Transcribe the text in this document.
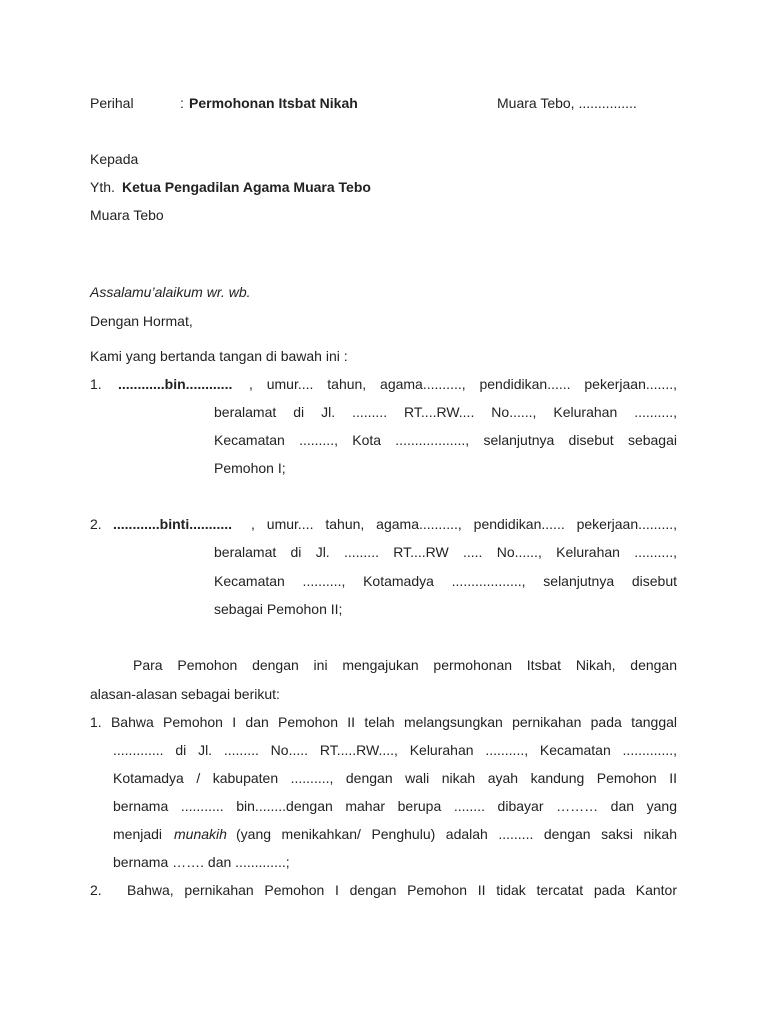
Perihal	: Permohonan Itsbat Nikah	Muara Tebo, ...............
Kepada
Yth. Ketua Pengadilan Agama Muara Tebo
Muara Tebo
Assalamu’alaikum wr. wb.
Dengan Hormat,
Kami yang bertanda tangan di bawah ini :
1. ............bin............ , umur.... tahun, agama.........., pendidikan...... pekerjaan.......,
beralamat di Jl. ......... RT....RW.... No......, Kelurahan ..........,
Kecamatan ........., Kota .................., selanjutnya disebut sebagai
Pemohon I;
2. ............binti........... , umur.... tahun, agama.........., pendidikan...... pekerjaan.........,
beralamat di Jl. ......... RT....RW ..... No......, Kelurahan ..........,
Kecamatan .........., Kotamadya .................., selanjutnya disebut
sebagai Pemohon II;
Para Pemohon dengan ini mengajukan permohonan Itsbat Nikah, dengan
alasan-alasan sebagai berikut:
1. Bahwa Pemohon I dan Pemohon II telah melangsungkan pernikahan pada tanggal
............. di Jl. ......... No..... RT.....RW...., Kelurahan .........., Kecamatan .............,
Kotamadya / kabupaten .........., dengan wali nikah ayah kandung Pemohon II
bernama ........... bin........dengan mahar berupa ........ dibayar ……… dan yang
menjadi munakih (yang menikahkan/ Penghulu) adalah ......... dengan saksi nikah
bernama ……. dan .............;
2. Bahwa, pernikahan Pemohon I dengan Pemohon II tidak tercatat pada Kantor
